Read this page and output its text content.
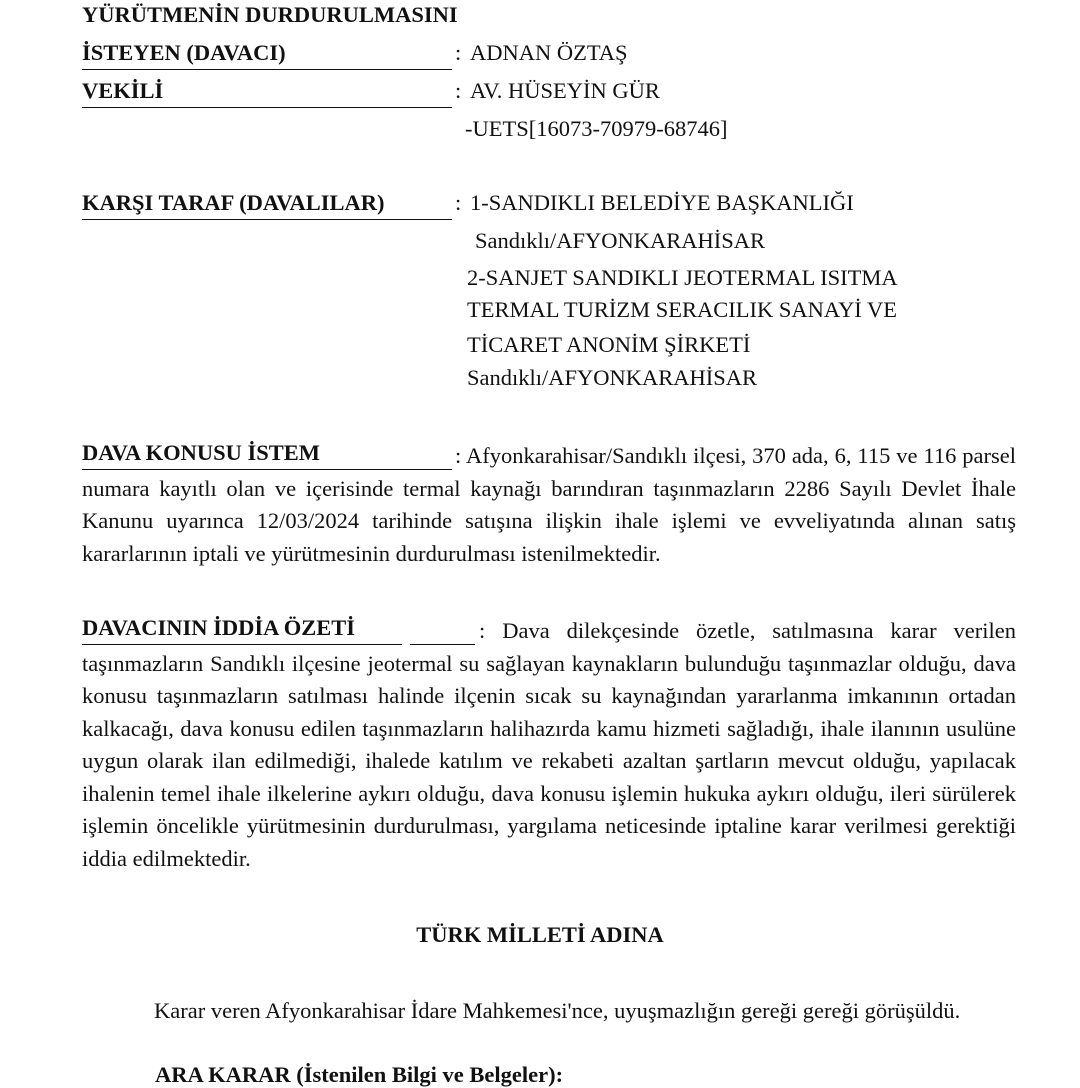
YÜRÜTMENİN DURDURULMASINI
İSTEYEN (DAVACI)	: ADNAN ÖZTAŞ
VEKİLİ	: AV. HÜSEYİN GÜR
-UETS[16073-70979-68746]
KARŞI TARAF (DAVALILAR)	: 1-SANDIKLI BELEDİYE BAŞKANLIĞI
Sandıklı/AFYONKARAHİSAR
2-SANJET SANDIKLI JEOTERMAL ISITMA
TERMAL TURİZM SERACILIK SANAYİ VE
TİCARET ANONİM ŞİRKETİ
Sandıklı/AFYONKARAHİSAR
DAVA KONUSU İSTEM	: Afyonkarahisar/Sandıklı ilçesi, 370 ada, 6, 115 ve 116 parsel numara kayıtlı olan ve içerisinde termal kaynağı barındıran taşınmazların 2286 Sayılı Devlet İhale Kanunu uyarınca 12/03/2024 tarihinde satışına ilişkin ihale işlemi ve evveliyatında alınan satış kararlarının iptali ve yürütmesinin durdurulması istenilmektedir.
DAVACININ İDDİA ÖZETİ	: Dava dilekçesinde özetle, satılmasına karar verilen taşınmazların Sandıklı ilçesine jeotermal su sağlayan kaynakların bulunduğu taşınmazlar olduğu, dava konusu taşınmazların satılması halinde ilçenin sıcak su kaynağından yararlanma imkanının ortadan kalkacağı, dava konusu edilen taşınmazların halihazırda kamu hizmeti sağladığı, ihale ilanının usulüne uygun olarak ilan edilmediği, ihalede katılım ve rekabeti azaltan şartların mevcut olduğu, yapılacak ihalenin temel ihale ilkelerine aykırı olduğu, dava konusu işlemin hukuka aykırı olduğu, ileri sürülerek işlemin öncelikle yürütmesinin durdurulması, yargılama neticesinde iptaline karar verilmesi gerektiği iddia edilmektedir.
TÜRK MİLLETİ ADINA
Karar veren Afyonkarahisar İdare Mahkemesi'nce, uyuşmazlığın gereği gereği görüşüldü.
ARA KARAR (İstenilen Bilgi ve Belgeler):
